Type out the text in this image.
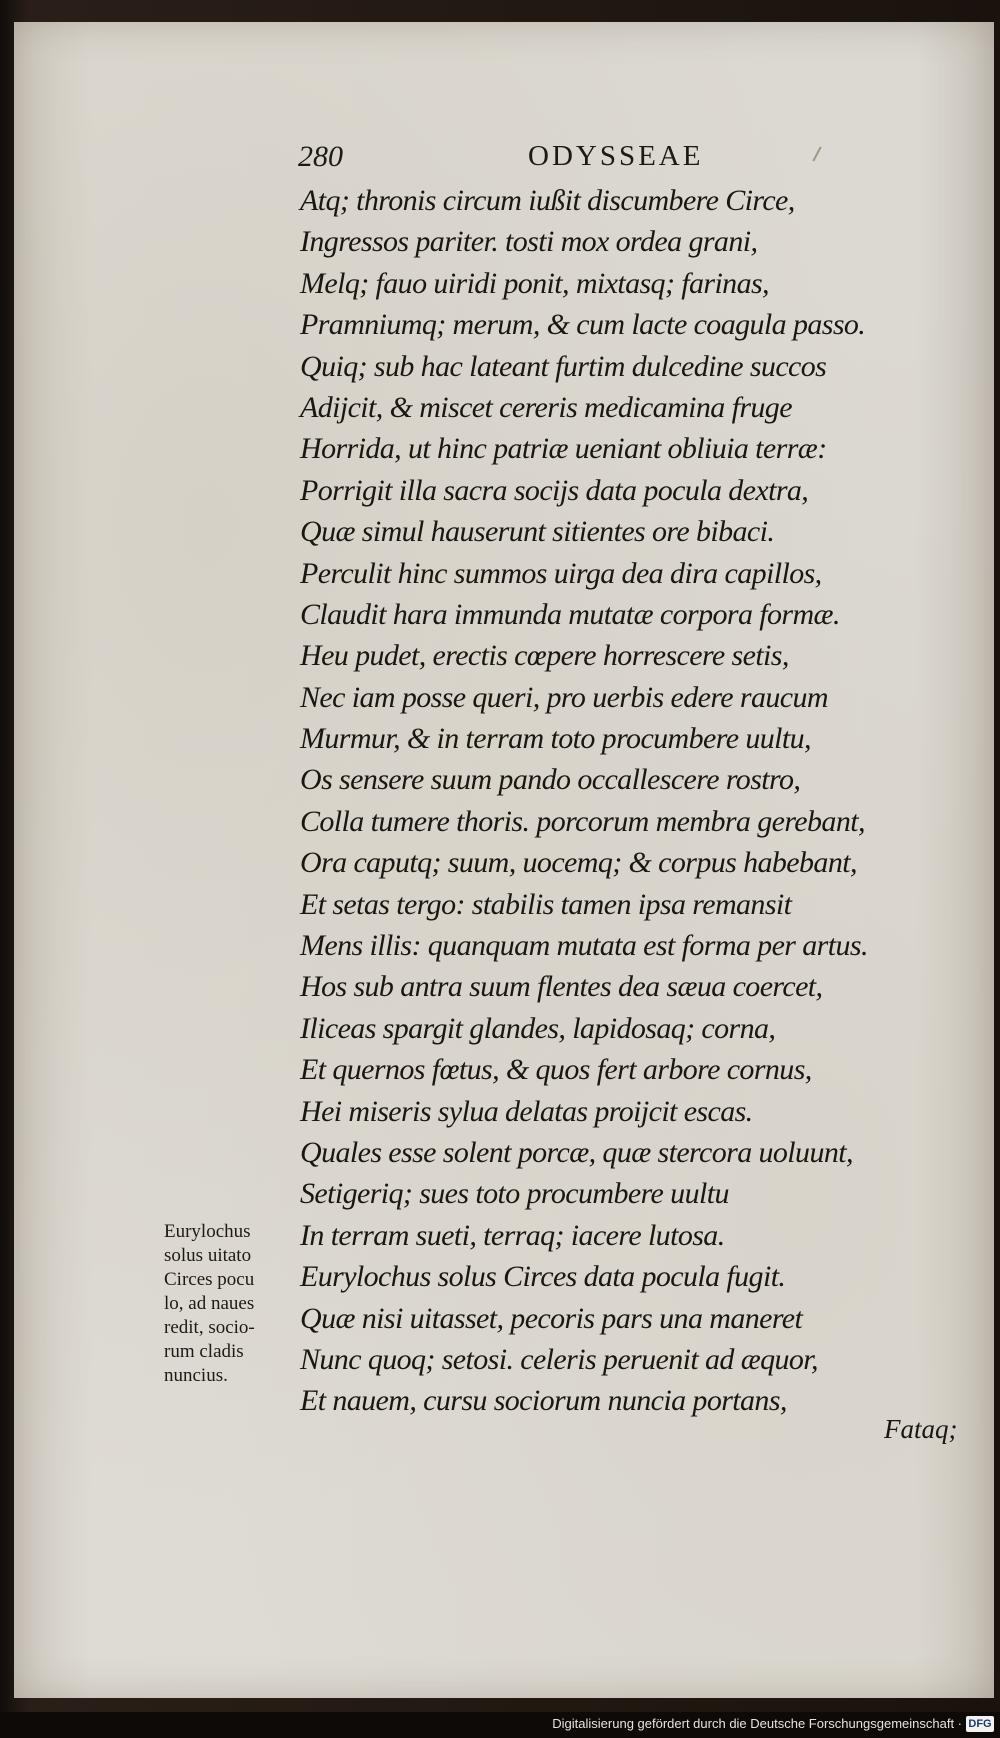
280	ODYSSEAE
Atq; thronis circum iußit discumbere Circe,
Ingressos pariter. tosti mox ordea grani,
Melq; fauo uiridi ponit, mixtasq; farinas,
Pramniumq; merum, & cum lacte coagula passo.
Quiq; sub hac lateant furtim dulcedine succos
Adijcit, & miscet cereris medicamina fruge
Horrida, ut hinc patriæ ueniant obliuia terræ:
Porrigit illa sacra socijs data pocula dextra,
Quæ simul hauserunt sitientes ore bibaci.
Perculit hinc summos uirga dea dira capillos,
Claudit hara immunda mutatæ corpora formæ.
Heu pudet, erectis cœpere horrescere setis,
Nec iam posse queri, pro uerbis edere raucum
Murmur, & in terram toto procumbere uultu,
Os sensere suum pando occallescere rostro,
Colla tumere thoris. porcorum membra gerebant,
Ora caputq; suum, uocemq; & corpus habebant,
Et setas tergo: stabilis tamen ipsa remansit
Mens illis: quanquam mutata est forma per artus.
Hos sub antra suum flentes dea sæua coercet,
Iliceas spargit glandes, lapidosaq; corna,
Et quernos fœtus, & quos fert arbore cornus,
Hei miseris sylua delatas proijcit escas.
Quales esse solent porcæ, quæ stercora uoluunt,
Setigeriq; sues toto procumbere uultu
In terram sueti, terraq; iacere lutosa.
Eurylochus solus Circes data pocula fugit.
Quæ nisi uitasset, pecoris pars una maneret
Nunc quoq; setosi. celeris peruenit ad æquor,
Et nauem, cursu sociorum nuncia portans,
Eurylochus
solus uitato
Circes pocu
lo, ad naues
redit, socio-
rum cladis
nuncius.
Fataq;
Digitalisierung gefördert durch die Deutsche Forschungsgemeinschaft · DFG
